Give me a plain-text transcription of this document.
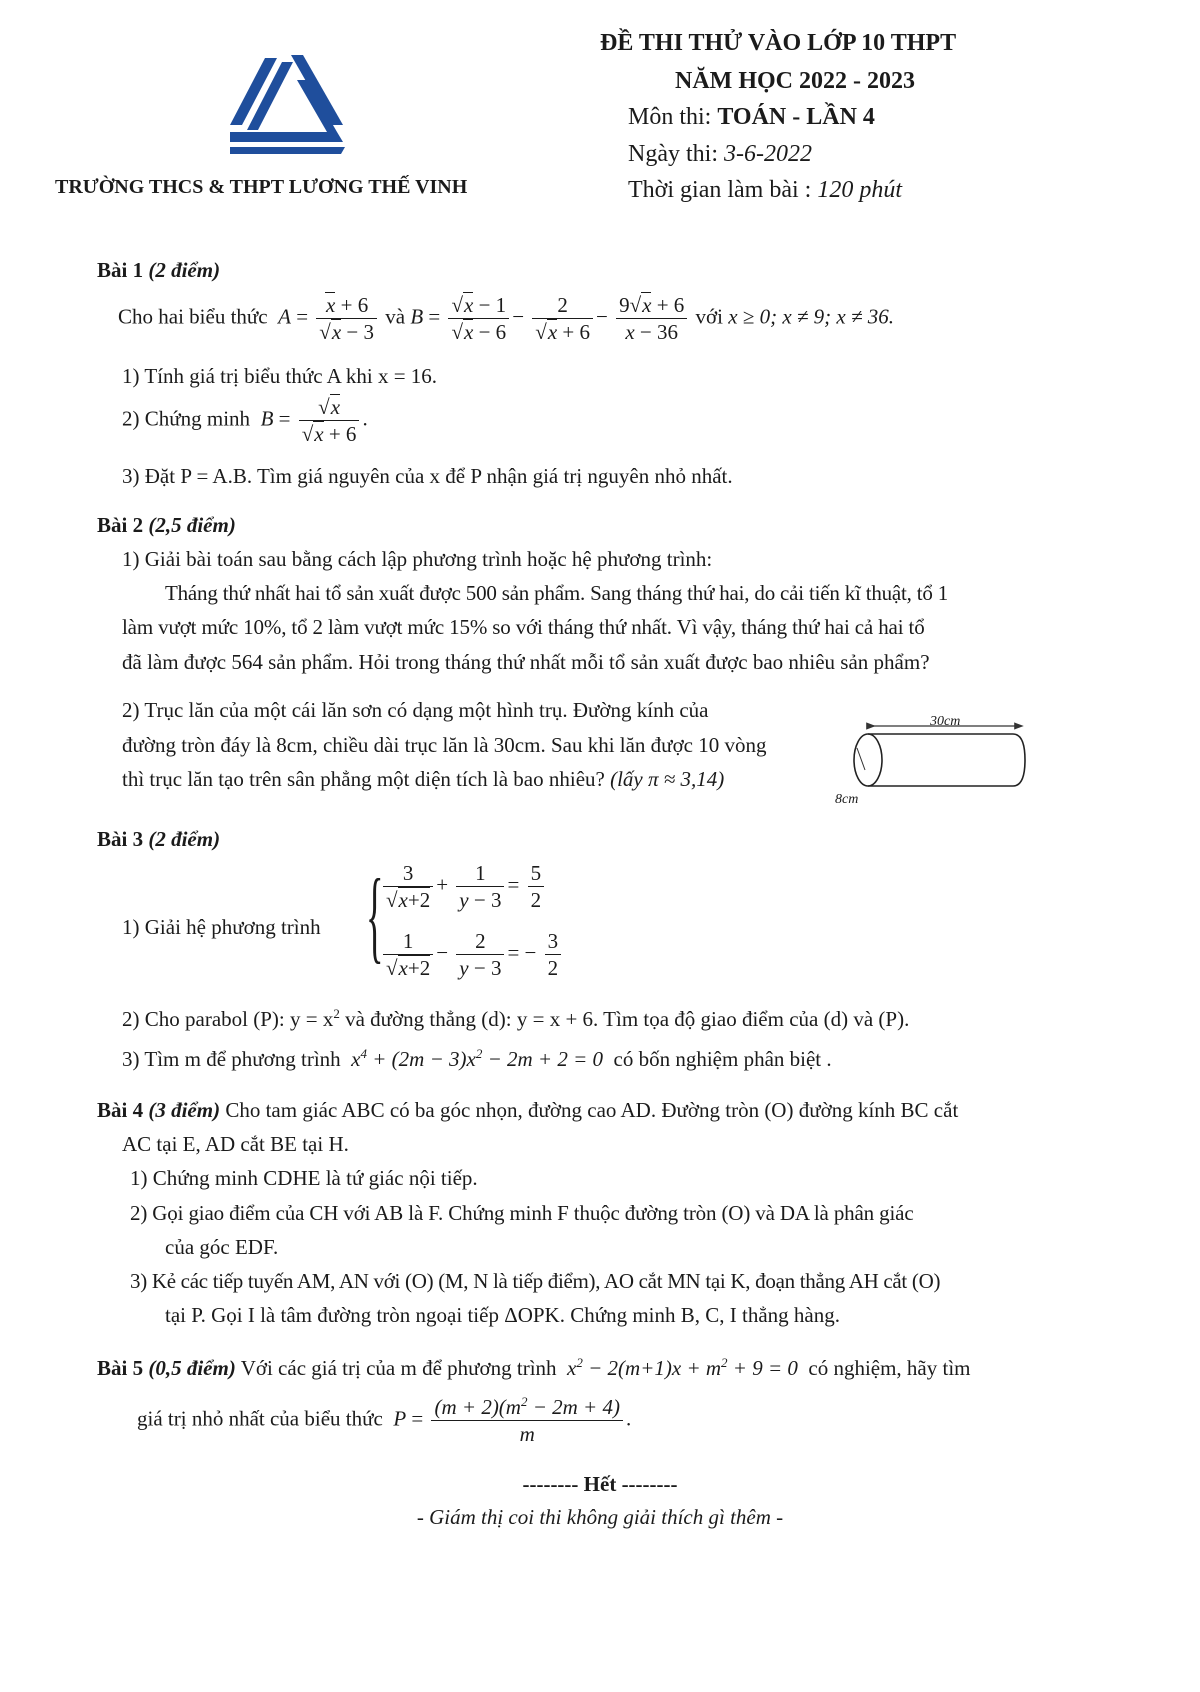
TRƯỜNG THCS & THPT LƯƠNG THẾ VINH
ĐỀ THI THỬ VÀO LỚP 10 THPT
NĂM HỌC 2022 - 2023
Môn thi: TOÁN - LẦN 4
Ngày thi: 3-6-2022
Thời gian làm bài : 120 phút
Bài 1 (2 điểm)
Cho hai biểu thức  $A = \frac{x + 6}{√x - 3}$ và $B = \frac{√x - 1}{√x - 6} - \frac{2}{√x + 6} - \frac{9√x + 6}{x - 36}$ với x ≥ 0; x ≠ 9; x ≠ 36.
1) Tính giá trị biểu thức A khi x = 16.
2) Chứng minh  $B = \frac{√x}{√x + 6}$ .
3) Đặt P = A.B. Tìm giá nguyên của x để P nhận giá trị nguyên nhỏ nhất.
Bài 2 (2,5 điểm)
1) Giải bài toán sau bằng cách lập phương trình hoặc hệ phương trình:
Tháng thứ nhất hai tổ sản xuất được 500 sản phẩm. Sang tháng thứ hai, do cải tiến kĩ thuật, tổ 1
làm vượt mức 10%, tổ 2 làm vượt mức 15% so với tháng thứ nhất. Vì vậy, tháng thứ hai cả hai tổ
đã làm được 564 sản phẩm. Hỏi trong tháng thứ nhất mỗi tổ sản xuất được bao nhiêu sản phẩm?
2) Trục lăn của một cái lăn sơn có dạng một hình trụ. Đường kính của
đường tròn đáy là 8cm, chiều dài trục lăn là 30cm. Sau khi lăn được 10 vòng
thì trục lăn tạo trên sân phẳng một diện tích là bao nhiêu? (lấy π ≈ 3,14)
30cm
8cm
Bài 3 (2 điểm)
1) Giải hệ phương trình { $\frac{3}{√x+2} + \frac{1}{y - 3} = \frac{5}{2}$
$\frac{1}{√x+2} - \frac{2}{y - 3}$ = − $\frac{3}{2}$
2) Cho parabol (P): $y = x^2$ và đường thẳng (d): y = x + 6. Tìm tọa độ giao điểm của (d) và (P).
3) Tìm m để phương trình  $x^4 + (2m - 3)x^2 - 2m + 2 = 0$  có bốn nghiệm phân biệt .
Bài 4 (3 điểm) Cho tam giác ABC có ba góc nhọn, đường cao AD. Đường tròn (O) đường kính BC cắt
AC tại E, AD cắt BE tại H.
1) Chứng minh CDHE là tứ giác nội tiếp.
2) Gọi giao điểm của CH với AB là F. Chứng minh F thuộc đường tròn (O) và DA là phân giác
của góc EDF.
3) Kẻ các tiếp tuyến AM, AN với (O) (M, N là tiếp điểm), AO cắt MN tại K, đoạn thẳng AH cắt (O)
tại P. Gọi I là tâm đường tròn ngoại tiếp ΔOPK. Chứng minh B, C, I thẳng hàng.
Bài 5 (0,5 điểm) Với các giá trị của m để phương trình  $x^2 - 2(m+1)x + m^2 + 9 = 0$  có nghiệm, hãy tìm
giá trị nhỏ nhất của biểu thức  $P = \frac{(m + 2)(m^2 - 2m + 4)}{m}$ .
-------- Hết --------
- Giám thị coi thi không giải thích gì thêm -
